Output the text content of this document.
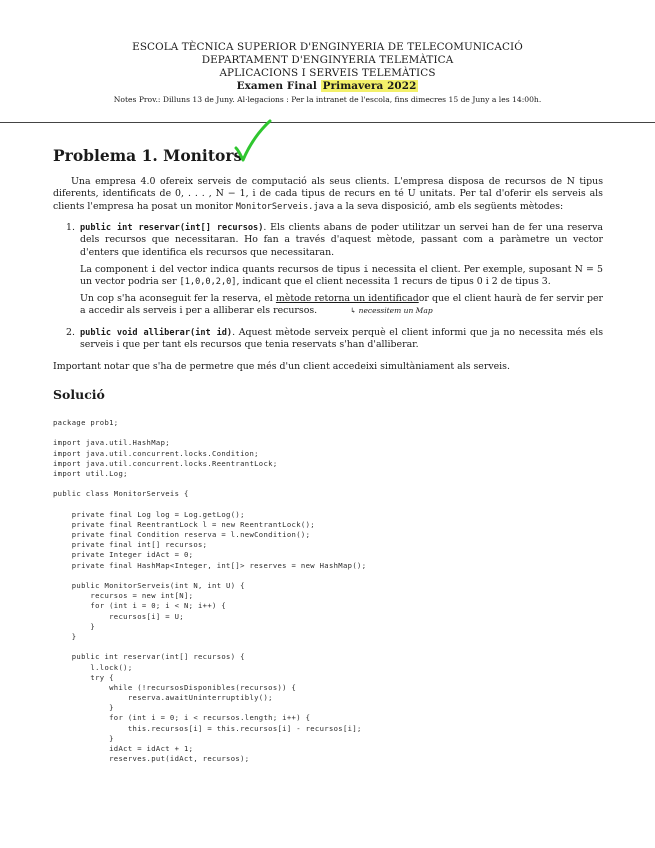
ESCOLA TÈCNICA SUPERIOR D'ENGINYERIA DE TELECOMUNICACIÓ
DEPARTAMENT D'ENGINYERIA TELEMÀTICA
APLICACIONS I SERVEIS TELEMÀTICS
Examen Final Primavera 2022
Notes Prov.: Dilluns 13 de Juny. Al·legacions : Per la intranet de l'escola, fins dimecres 15 de Juny a les 14:00h.
Problema 1. Monitors
Una empresa 4.0 ofereix serveis de computació als seus clients. L'empresa disposa de recursos de N tipus diferents, identificats de 0, . . . , N − 1, i de cada tipus de recurs en té U unitats. Per tal d'oferir els serveis als clients l'empresa ha posat un monitor MonitorServeis.java a la seva disposició, amb els següents mètodes:
1. public int reservar(int[] recursos). Els clients abans de poder utilitzar un servei han de fer una reserva dels recursos que necessitaran. Ho fan a través d'aquest mètode, passant com a paràmetre un vector d'enters que identifica els recursos que necessitaran.
La component i del vector indica quants recursos de tipus i necessita el client. Per exemple, suposant N = 5 un vector podria ser [1,0,0,2,0], indicant que el client necessita 1 recurs de tipus 0 i 2 de tipus 3.
Un cop s'ha aconseguit fer la reserva, el mètode retorna un identificador que el client haurà de fer servir per a accedir als serveis i per a alliberar els recursos.	↳ necessitem un Map
2. public void alliberar(int id). Aquest mètode serveix perquè el client informi que ja no necessita més els serveis i que per tant els recursos que tenia reservats s'han d'alliberar.
Important notar que s'ha de permetre que més d'un client accedeixi simultàniament als serveis.
Solució
package prob1;
import java.util.HashMap;
import java.util.concurrent.locks.Condition;
import java.util.concurrent.locks.ReentrantLock;
import util.Log;
public class MonitorServeis {
private final Log log = Log.getLog();
private final ReentrantLock l = new ReentrantLock();
private final Condition reserva = l.newCondition();
private final int[] recursos;
private Integer idAct = 0;
private final HashMap<Integer, int[]> reserves = new HashMap();
public MonitorServeis(int N, int U) {
recursos = new int[N];
for (int i = 0; i < N; i++) {
recursos[i] = U;
}
}
public int reservar(int[] recursos) {
l.lock();
try {
while (!recursosDisponibles(recursos)) {
reserva.awaitUninterruptibly();
}
for (int i = 0; i < recursos.length; i++) {
this.recursos[i] = this.recursos[i] - recursos[i];
}
idAct = idAct + 1;
reserves.put(idAct, recursos);
